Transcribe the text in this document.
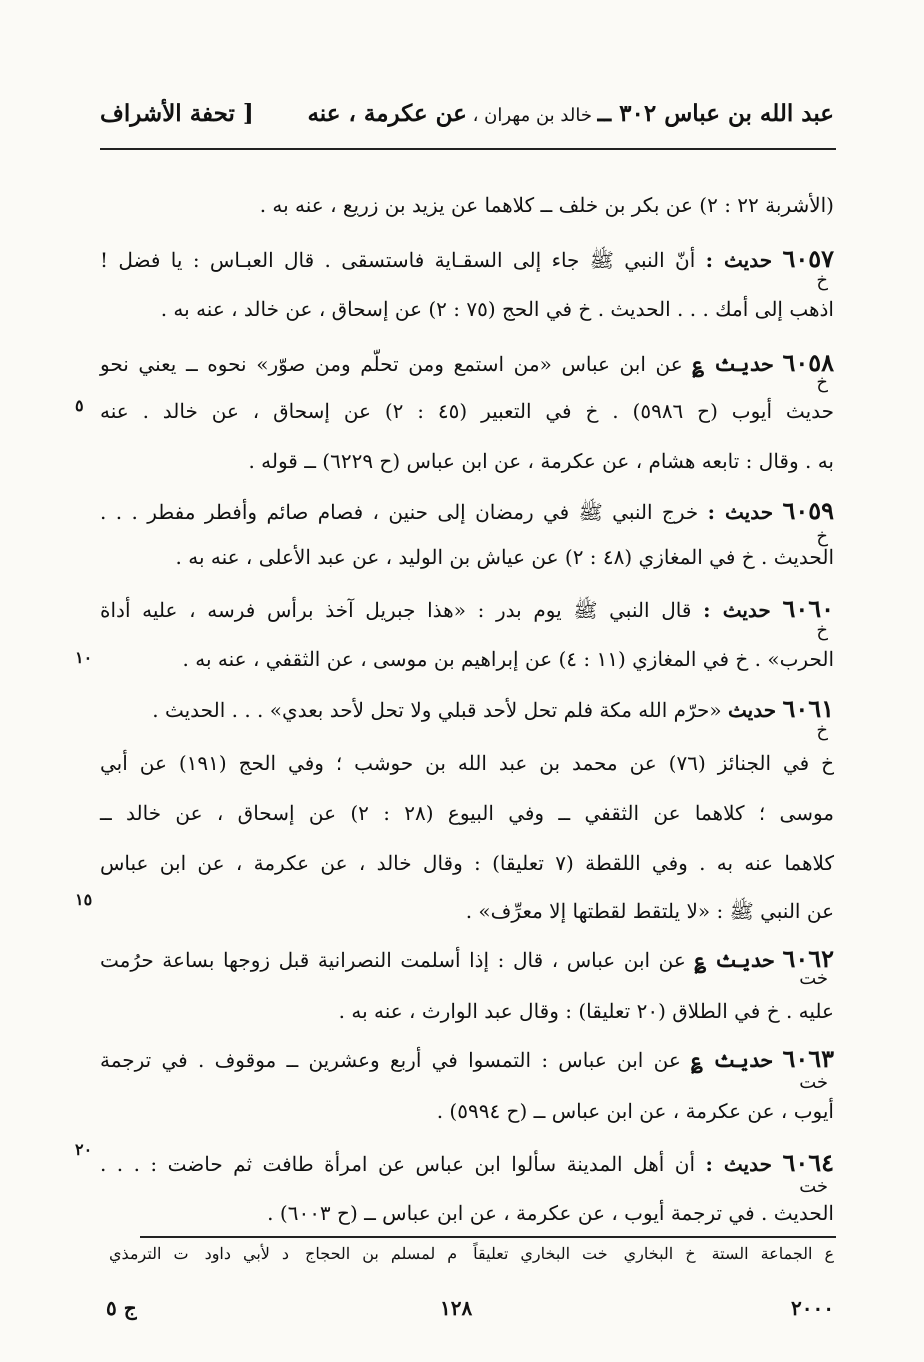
عبد الله بن عباس ٣٠٢ ــ خالد بن مهران ، عن عكرمة ، عنه
[ تحفة الأشراف
(الأشربة ٢٢ : ٢) عن بكر بن خلف ــ كلاهما عن يزيد بن زريع ، عنه به .
٦٠٥٧ حديث : أنّ النبي ﷺ جاء إلى السقـاية فاستسقى . قال العبـاس : يا فضل !
اذهب إلى أمك . . . الحديث . خ في الحج (٧٥ : ٢) عن إسحاق ، عن خالد ، عنه به .
٦٠٥٨ حديث ؏ عن ابن عباس «من استمع ومن تحلّم ومن صوّر» نحوه ــ يعني نحو
حديث أيوب (ح ٥٩٨٦) . خ في التعبير (٤٥ : ٢) عن إسحاق ، عن خالد . عنه
به . وقال : تابعه هشام ، عن عكرمة ، عن ابن عباس (ح ٦٢٢٩) ــ قوله .
٦٠٥٩ حديث : خرج النبي ﷺ في رمضان إلى حنين ، فصام صائم وأفطر مفطر . . .
الحديث . خ في المغازي (٤٨ : ٢) عن عياش بن الوليد ، عن عبد الأعلى ، عنه به .
٦٠٦٠ حديث : قال النبي ﷺ يوم بدر : «هذا جبريل آخذ برأس فرسه ، عليه أداة
الحرب» . خ في المغازي (١١ : ٤) عن إبراهيم بن موسى ، عن الثقفي ، عنه به .
٦٠٦١ حديث «حرّم الله مكة فلم تحل لأحد قبلي ولا تحل لأحد بعدي» . . . الحديث .
خ في الجنائز (٧٦) عن محمد بن عبد الله بن حوشب ؛ وفي الحج (١٩١) عن أبي
موسى ؛ كلاهما عن الثقفي ــ وفي البيوع (٢٨ : ٢) عن إسحاق ، عن خالد ــ
كلاهما عنه به . وفي اللقطة (٧ تعليقا) : وقال خالد ، عن عكرمة ، عن ابن عباس
عن النبي ﷺ : «لا يلتقط لقطتها إلا معرِّف» .
٦٠٦٢ حديث ؏ عن ابن عباس ، قال : إذا أسلمت النصرانية قبل زوجها بساعة حرُمت
عليه . خ في الطلاق (٢٠ تعليقا) : وقال عبد الوارث ، عنه به .
٦٠٦٣ حديث ؏ عن ابن عباس : التمسوا في أربع وعشرين ــ موقوف . في ترجمة
أيوب ، عن عكرمة ، عن ابن عباس ــ (ح ٥٩٩٤) .
٦٠٦٤ حديث : أن أهل المدينة سألوا ابن عباس عن امرأة طافت ثم حاضت : . . .
الحديث . في ترجمة أيوب ، عن عكرمة ، عن ابن عباس ــ (ح ٦٠٠٣) .
خ
خ
خ
خ
خ
خت
خت
خت
٥
١٠
١٥
٢٠
ع الجماعة الستة خ البخاري خت البخاري تعليقاً م لمسلم بن الحجاج د لأبي داود ت الترمذي
٢٠٠٠
١٢٨
ج ٥
